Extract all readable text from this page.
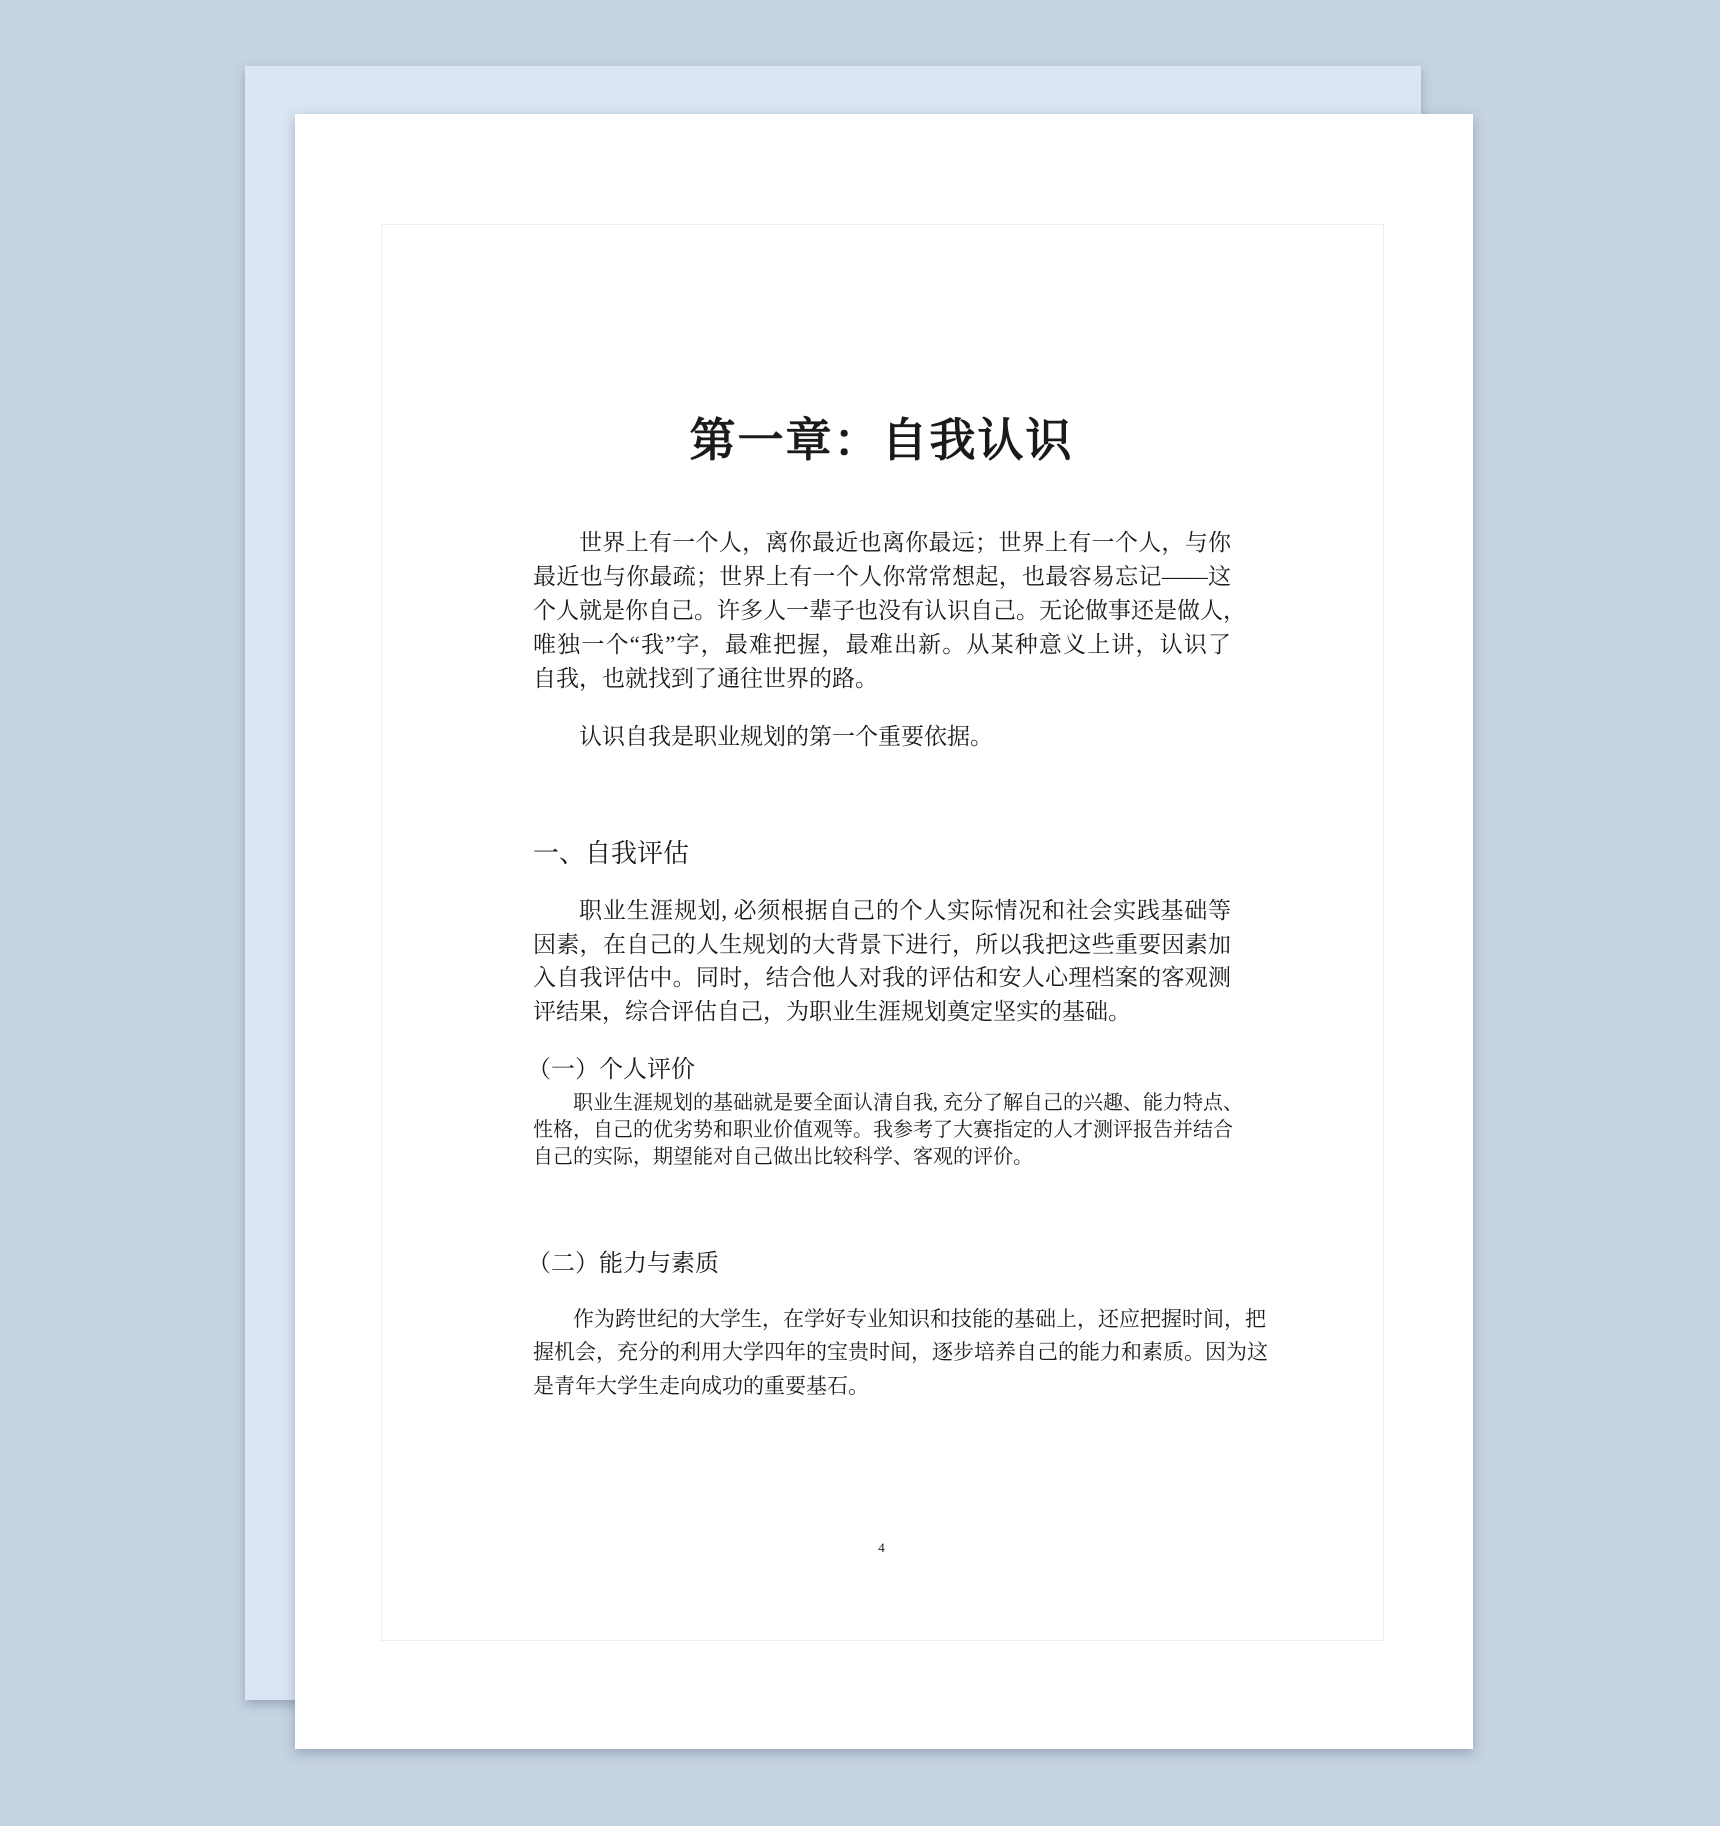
第一章：自我认识
世界上有一个人，离你最近也离你最远；世界上有一个人，与你
最近也与你最疏；世界上有一个人你常常想起，也最容易忘记——这
个人就是你自己。许多人一辈子也没有认识自己。无论做事还是做人，
唯独一个“我”字，最难把握，最难出新。从某种意义上讲，认识了
自我，也就找到了通往世界的路。
认识自我是职业规划的第一个重要依据。
一、自我评估
职业生涯规划, 必须根据自己的个人实际情况和社会实践基础等
因素，在自己的人生规划的大背景下进行，所以我把这些重要因素加
入自我评估中。同时，结合他人对我的评估和安人心理档案的客观测
评结果，综合评估自己，为职业生涯规划奠定坚实的基础。
（一）个人评价
职业生涯规划的基础就是要全面认清自我, 充分了解自己的兴趣、能力特点、
性格，自己的优劣势和职业价值观等。我参考了大赛指定的人才测评报告并结合
自己的实际，期望能对自己做出比较科学、客观的评价。
（二）能力与素质
作为跨世纪的大学生，在学好专业知识和技能的基础上，还应把握时间，把
握机会，充分的利用大学四年的宝贵时间，逐步培养自己的能力和素质。因为这
是青年大学生走向成功的重要基石。
4
